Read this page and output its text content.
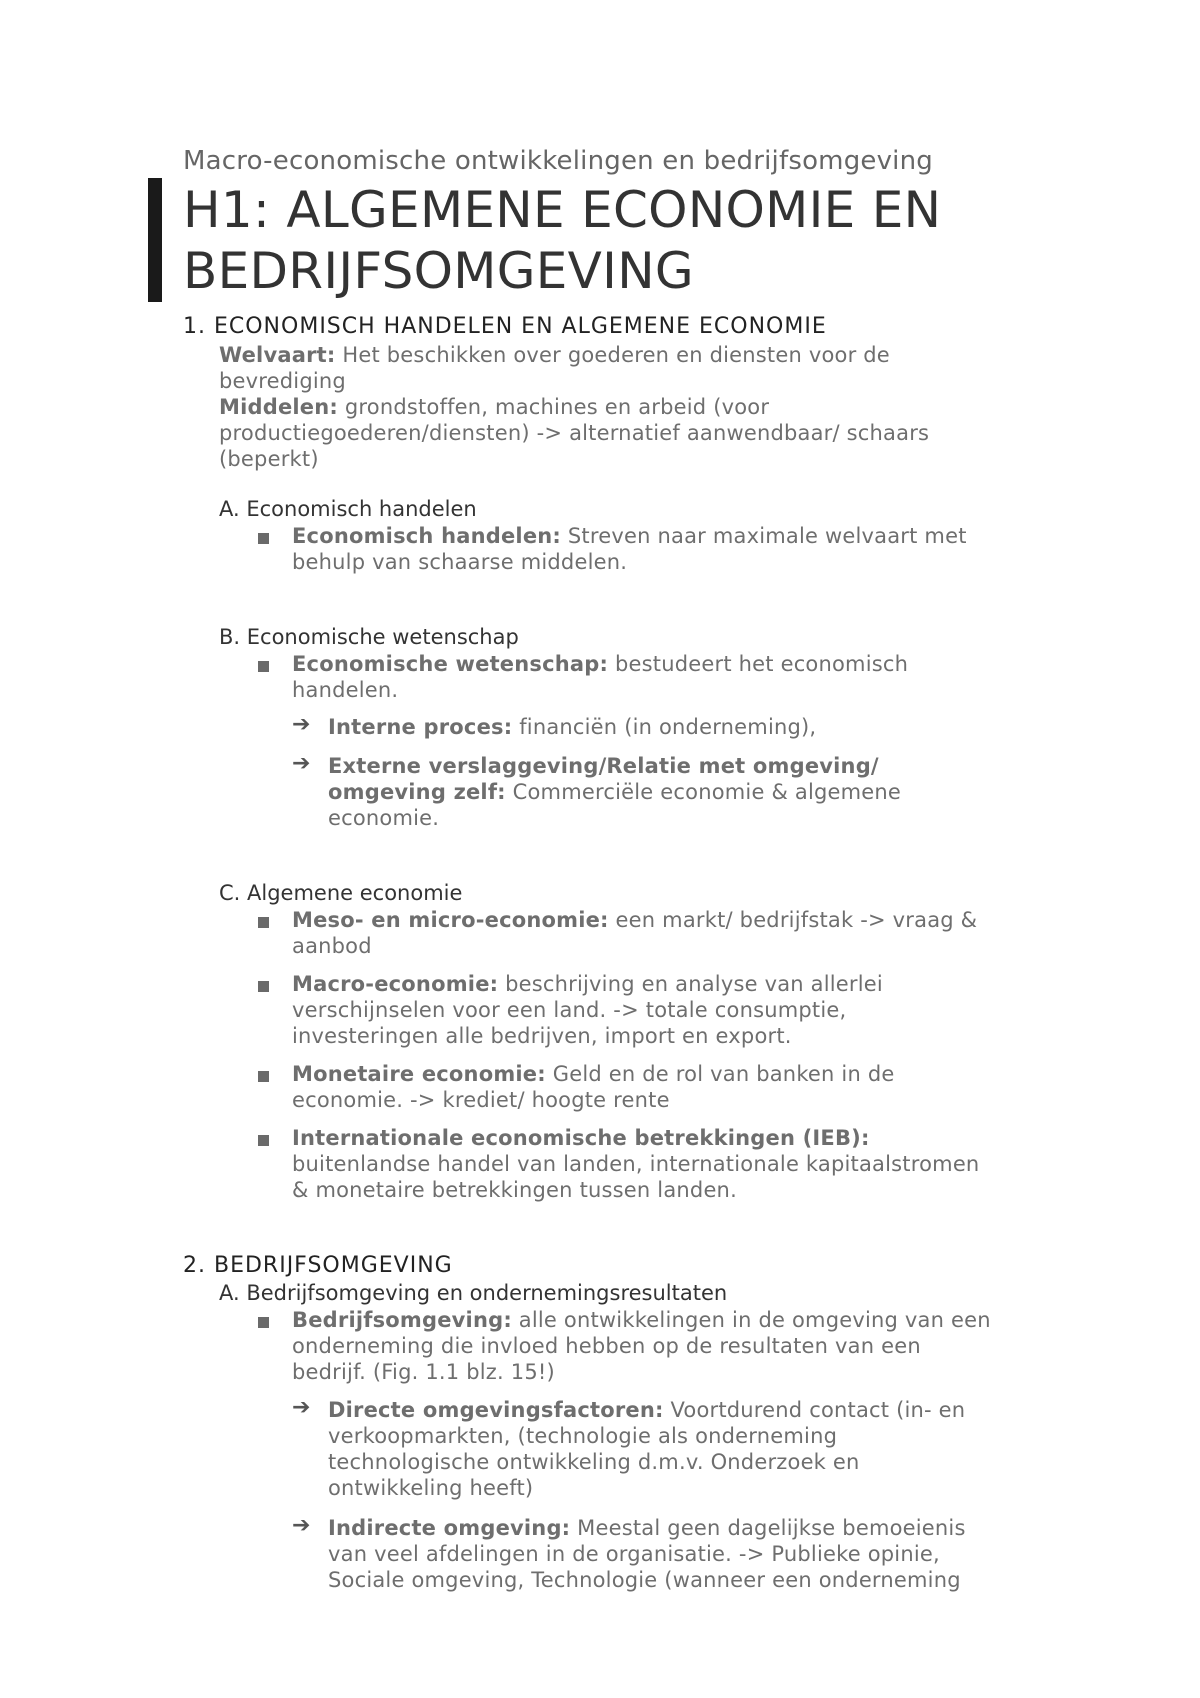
Macro-economische ontwikkelingen en bedrijfsomgeving
H1: ALGEMENE ECONOMIE EN BEDRIJFSOMGEVING
1. ECONOMISCH HANDELEN EN ALGEMENE ECONOMIE
Welvaart: Het beschikken over goederen en diensten voor de
bevrediging
Middelen: grondstoffen, machines en arbeid (voor
productiegoederen/diensten) -> alternatief aanwendbaar/ schaars
(beperkt)
A. Economisch handelen
Economisch handelen: Streven naar maximale welvaart met
behulp van schaarse middelen.
B. Economische wetenschap
Economische wetenschap: bestudeert het economisch
handelen.
➔ Interne proces: financiën (in onderneming),
➔ Externe verslaggeving/Relatie met omgeving/
omgeving zelf: Commerciële economie & algemene
economie.
C. Algemene economie
Meso- en micro-economie: een markt/ bedrijfstak -> vraag &
aanbod
Macro-economie: beschrijving en analyse van allerlei
verschijnselen voor een land. -> totale consumptie,
investeringen alle bedrijven, import en export.
Monetaire economie: Geld en de rol van banken in de
economie. -> krediet/ hoogte rente
Internationale economische betrekkingen (IEB):
buitenlandse handel van landen, internationale kapitaalstromen
& monetaire betrekkingen tussen landen.
2. BEDRIJFSOMGEVING
A. Bedrijfsomgeving en ondernemingsresultaten
Bedrijfsomgeving: alle ontwikkelingen in de omgeving van een
onderneming die invloed hebben op de resultaten van een
bedrijf. (Fig. 1.1 blz. 15!)
➔ Directe omgevingsfactoren: Voortdurend contact (in- en
verkoopmarkten, (technologie als onderneming
technologische ontwikkeling d.m.v. Onderzoek en
ontwikkeling heeft)
➔ Indirecte omgeving: Meestal geen dagelijkse bemoeienis
van veel afdelingen in de organisatie. -> Publieke opinie,
Sociale omgeving, Technologie (wanneer een onderneming
